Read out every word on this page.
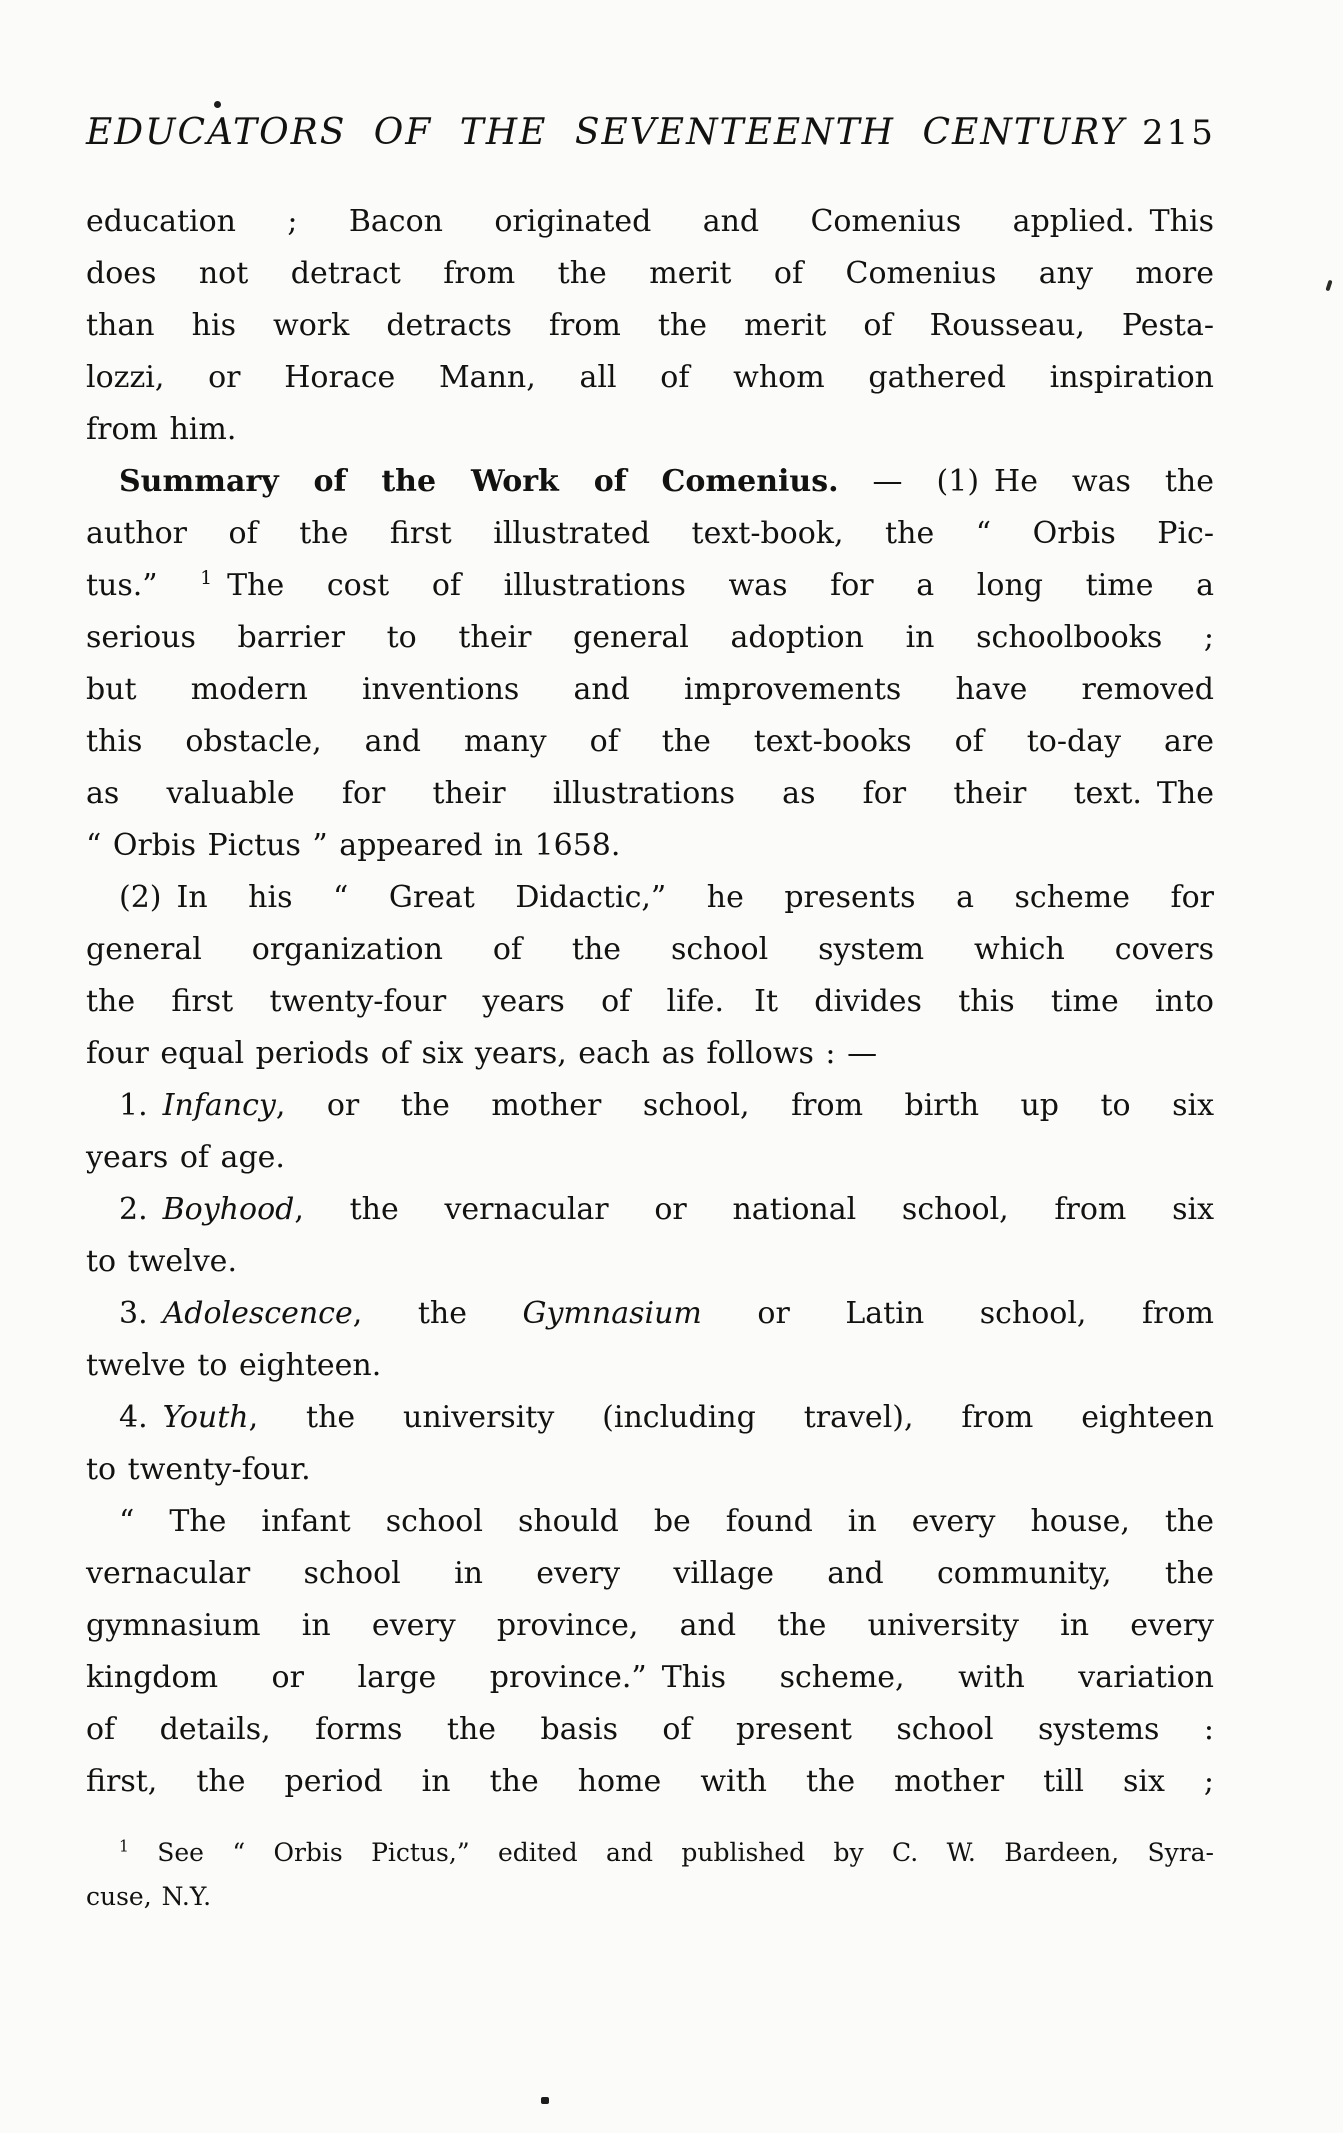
EDUCATORS OF THE SEVENTEENTH CENTURY 215
education ; Bacon originated and Comenius applied. This
does not detract from the merit of Comenius any more
than his work detracts from the merit of Rousseau, Pesta-
lozzi, or Horace Mann, all of whom gathered inspiration
from him.
Summary of the Work of Comenius. — (1) He was the
author of the first illustrated text-book, the “ Orbis Pic-
tus.” $^1$ The cost of illustrations was for a long time a
serious barrier to their general adoption in schoolbooks ;
but modern inventions and improvements have removed
this obstacle, and many of the text-books of to-day are
as valuable for their illustrations as for their text. The
“ Orbis Pictus ” appeared in 1658.
(2) In his “ Great Didactic,” he presents a scheme for
general organization of the school system which covers
the first twenty-four years of life. It divides this time into
four equal periods of six years, each as follows : —
1. Infancy, or the mother school, from birth up to six
years of age.
2. Boyhood, the vernacular or national school, from six
to twelve.
3. Adolescence, the Gymnasium or Latin school, from
twelve to eighteen.
4. Youth, the university (including travel), from eighteen
to twenty-four.
“ The infant school should be found in every house, the
vernacular school in every village and community, the
gymnasium in every province, and the university in every
kingdom or large province.” This scheme, with variation
of details, forms the basis of present school systems :
first, the period in the home with the mother till six ;
$^1$ See “ Orbis Pictus,” edited and published by C. W. Bardeen, Syra-
cuse, N.Y.
